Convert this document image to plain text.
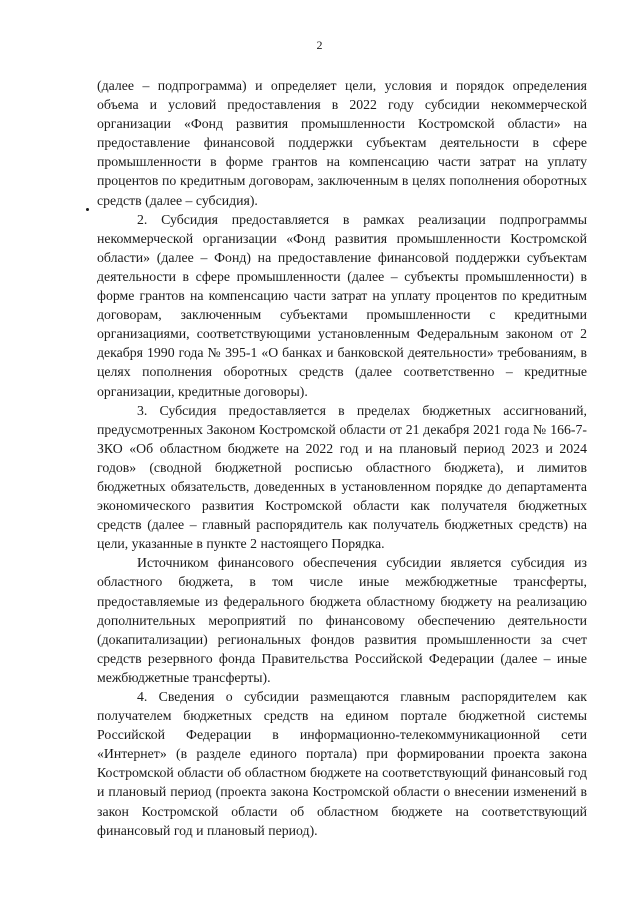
2

(далее – подпрограмма) и определяет цели, условия и порядок определения объема и условий предоставления в 2022 году субсидии некоммерческой организации «Фонд развития промышленности Костромской области» на предоставление финансовой поддержки субъектам деятельности в сфере промышленности в форме грантов на компенсацию части затрат на уплату процентов по кредитным договорам, заключенным в целях пополнения оборотных средств (далее – субсидия).

2. Субсидия предоставляется в рамках реализации подпрограммы некоммерческой организации «Фонд развития промышленности Костромской области» (далее – Фонд) на предоставление финансовой поддержки субъектам деятельности в сфере промышленности (далее – субъекты промышленности) в форме грантов на компенсацию части затрат на уплату процентов по кредитным договорам, заключенным субъектами промышленности с кредитными организациями, соответствующими установленным Федеральным законом от 2 декабря 1990 года № 395-1 «О банках и банковской деятельности» требованиям, в целях пополнения оборотных средств (далее соответственно – кредитные организации, кредитные договоры).

3. Субсидия предоставляется в пределах бюджетных ассигнований, предусмотренных Законом Костромской области от 21 декабря 2021 года № 166-7-ЗКО «Об областном бюджете на 2022 год и на плановый период 2023 и 2024 годов» (сводной бюджетной росписью областного бюджета), и лимитов бюджетных обязательств, доведенных в установленном порядке до департамента экономического развития Костромской области как получателя бюджетных средств (далее – главный распорядитель как получатель бюджетных средств) на цели, указанные в пункте 2 настоящего Порядка.

Источником финансового обеспечения субсидии является субсидия из областного бюджета, в том числе иные межбюджетные трансферты, предоставляемые из федерального бюджета областному бюджету на реализацию дополнительных мероприятий по финансовому обеспечению деятельности (докапитализации) региональных фондов развития промышленности за счет средств резервного фонда Правительства Российской Федерации (далее – иные межбюджетные трансферты).

4. Сведения о субсидии размещаются главным распорядителем как получателем бюджетных средств на едином портале бюджетной системы Российской Федерации в информационно-телекоммуникационной сети «Интернет» (в разделе единого портала) при формировании проекта закона Костромской области об областном бюджете на соответствующий финансовый год и плановый период (проекта закона Костромской области о внесении изменений в закон Костромской области об областном бюджете на соответствующий финансовый год и плановый период).
